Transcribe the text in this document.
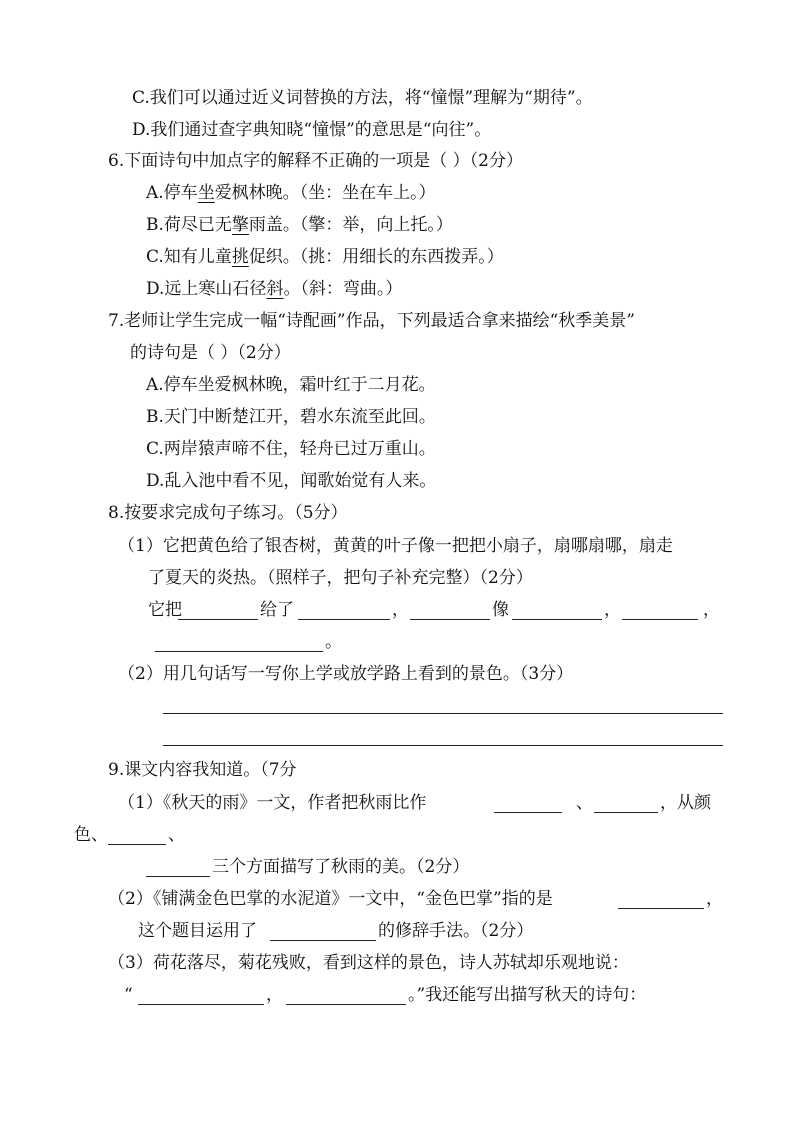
C.我们可以通过近义词替换的方法，将“憧憬”理解为“期待”。
D.我们通过查字典知晓“憧憬”的意思是“向往”。
6.下面诗句中加点字的解释不正确的一项是（ ）（2分）
A.停车坐爱枫林晚。（坐：坐在车上。）
B.荷尽已无擎雨盖。（擎：举，向上托。）
C.知有儿童挑促织。（挑：用细长的东西拨弄。）
D.远上寒山石径斜。（斜：弯曲。）
7.老师让学生完成一幅“诗配画”作品，下列最适合拿来描绘“秋季美景”
的诗句是（ ）（2分）
A.停车坐爱枫林晚，霜叶红于二月花。
B.天门中断楚江开，碧水东流至此回。
C.两岸猿声啼不住，轻舟已过万重山。
D.乱入池中看不见，闻歌始觉有人来。
8.按要求完成句子练习。（5分）
（1）它把黄色给了银杏树，黄黄的叶子像一把把小扇子，扇哪扇哪，扇走
了夏天的炎热。（照样子，把句子补充完整）（2分）
它把	给了	，	像	，	，
。
（2）用几句话写一写你上学或放学路上看到的景色。（3分）
9.课文内容我知道。（7分
（1）《秋天的雨》一文，作者把秋雨比作	、	，从颜
色、	、
三个方面描写了秋雨的美。（2分）
（2）《铺满金色巴掌的水泥道》一文中，“金色巴掌”指的是	，
这个题目运用了	的修辞手法。（2分）
（3）荷花落尽，菊花残败，看到这样的景色，诗人苏轼却乐观地说：
“	，	。”我还能写出描写秋天的诗句：
